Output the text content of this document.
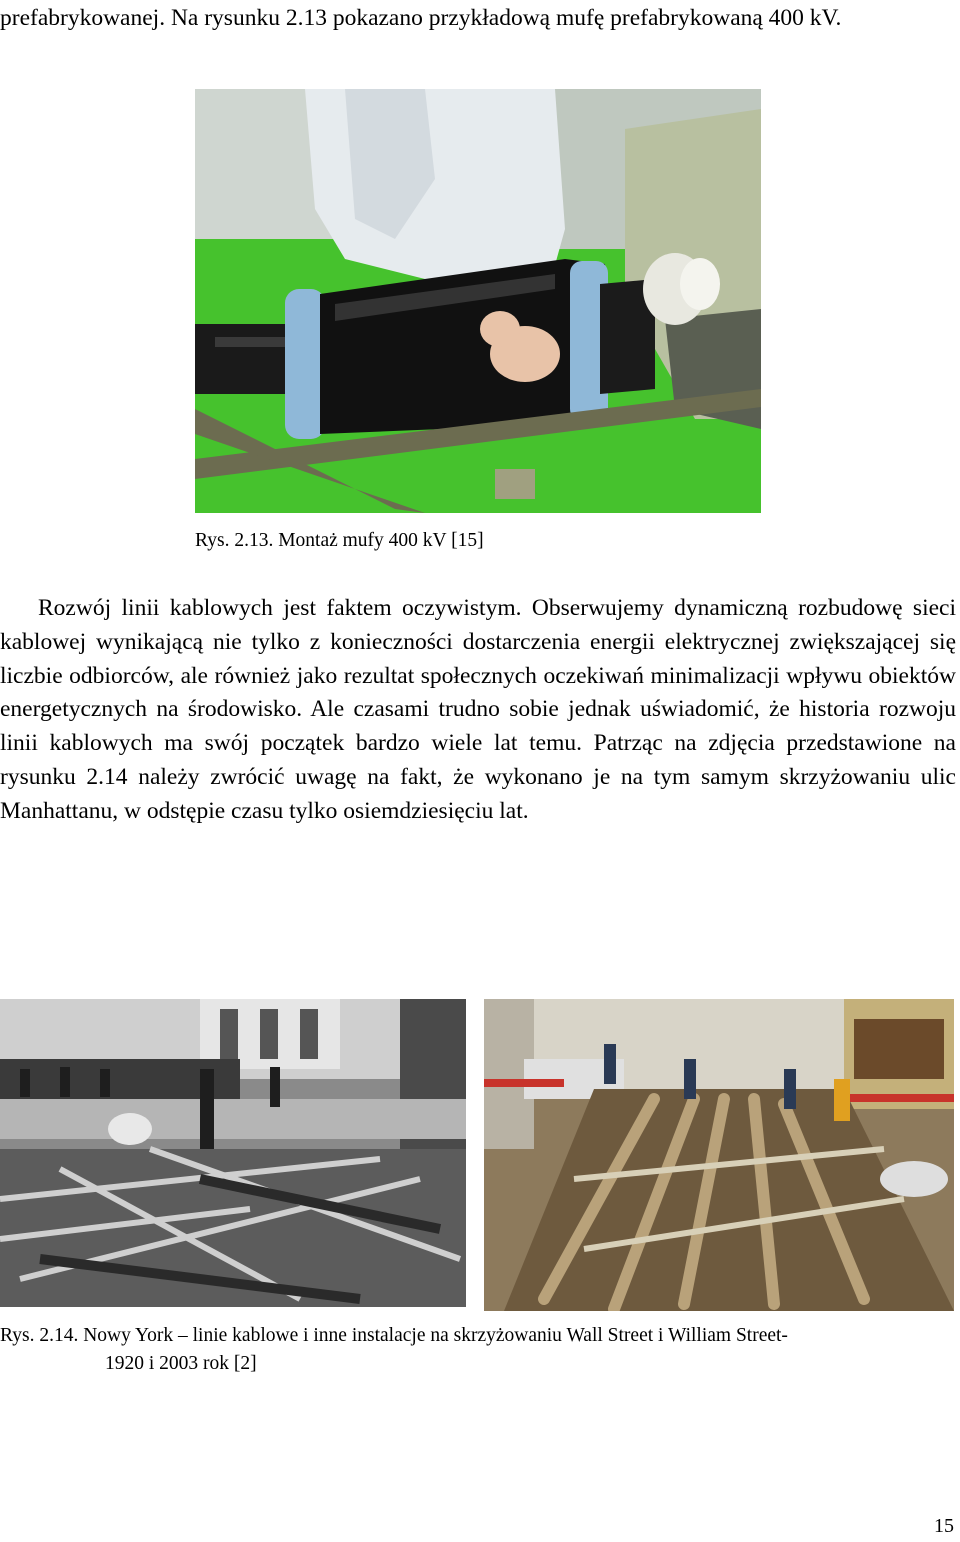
prefabrykowanej. Na rysunku 2.13 pokazano przykładową mufę prefabrykowaną 400 kV.

Rys. 2.13. Montaż mufy 400 kV [15]

Rozwój linii kablowych jest faktem oczywistym. Obserwujemy dynamiczną rozbudowę sieci kablowej wynikającą nie tylko z konieczności dostarczenia energii elektrycznej zwiększającej się liczbie odbiorców, ale również jako rezultat społecznych oczekiwań minimalizacji wpływu obiektów energetycznych na środowisko. Ale czasami trudno sobie jednak uświadomić, że historia rozwoju linii kablowych ma swój początek bardzo wiele lat temu. Patrząc na zdjęcia przedstawione na rysunku 2.14 należy zwrócić uwagę na fakt, że wykonano je na tym samym skrzyżowaniu ulic Manhattanu, w odstępie czasu tylko osiemdziesięciu lat.

Rys. 2.14. Nowy York – linie kablowe i inne instalacje na skrzyżowaniu Wall Street i William Street-
1920 i 2003 rok [2]

15
